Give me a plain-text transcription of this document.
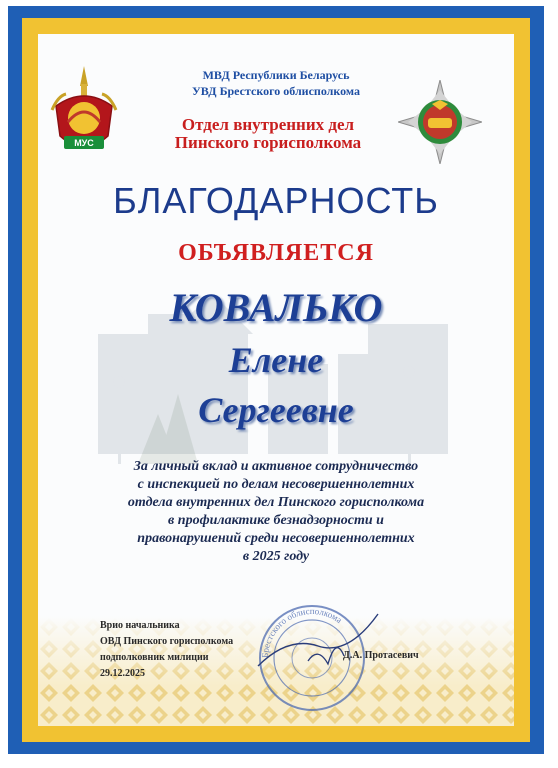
МУС
МВД Республики Беларусь
УВД Брестского облисполкома
Отдел внутренних дел
Пинского горисполкома
БЛАГОДАРНОСТЬ
ОБЪЯВЛЯЕТСЯ
КОВАЛЬКО
Елене
Сергеевне
За личный вклад и активное сотрудничество
с инспекцией по делам несовершеннолетних
отдела внутренних дел Пинского горисполкома
в профилактике безнадзорности и
правонарушений среди несовершеннолетних
в 2025 году
Брестского облисполкома
Врио начальника
ОВД Пинского горисполкома
подполковник милиции
29.12.2025
Д.А. Протасевич
